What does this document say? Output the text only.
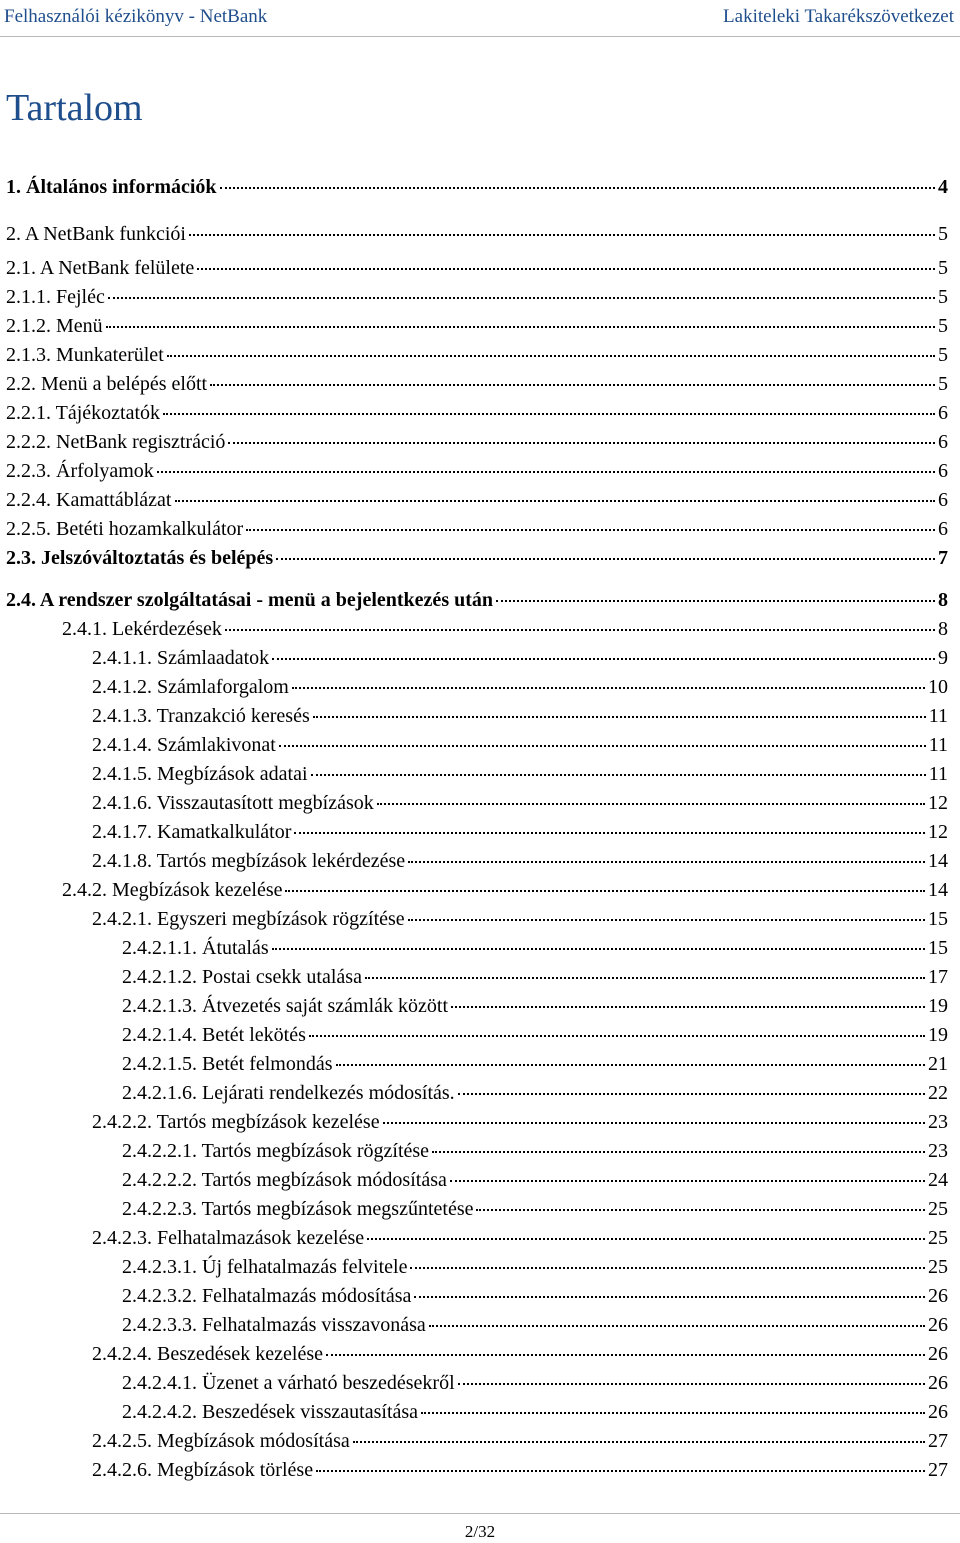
Felhasználói kézikönyv - NetBank	Lakiteleki Takarékszövetkezet
Tartalom
1. Általános információk	4
2. A NetBank funkciói	5
2.1. A NetBank felülete	5
2.1.1. Fejléc	5
2.1.2. Menü	5
2.1.3. Munkaterület	5
2.2. Menü a belépés előtt	5
2.2.1. Tájékoztatók	6
2.2.2. NetBank regisztráció	6
2.2.3. Árfolyamok	6
2.2.4. Kamattáblázat	6
2.2.5. Betéti hozamkalkulátor	6
2.3. Jelszóváltoztatás és belépés	7
2.4. A rendszer szolgáltatásai - menü a bejelentkezés után	8
2.4.1. Lekérdezések	8
2.4.1.1. Számlaadatok	9
2.4.1.2. Számlaforgalom	10
2.4.1.3. Tranzakció keresés	11
2.4.1.4. Számlakivonat	11
2.4.1.5. Megbízások adatai	11
2.4.1.6. Visszautasított megbízások	12
2.4.1.7. Kamatkalkulátor	12
2.4.1.8. Tartós megbízások lekérdezése	14
2.4.2. Megbízások kezelése	14
2.4.2.1. Egyszeri megbízások rögzítése	15
2.4.2.1.1. Átutalás	15
2.4.2.1.2. Postai csekk utalása	17
2.4.2.1.3. Átvezetés saját számlák között	19
2.4.2.1.4. Betét lekötés	19
2.4.2.1.5. Betét felmondás	21
2.4.2.1.6. Lejárati rendelkezés módosítás.	22
2.4.2.2. Tartós megbízások kezelése	23
2.4.2.2.1. Tartós megbízások rögzítése	23
2.4.2.2.2. Tartós megbízások módosítása	24
2.4.2.2.3. Tartós megbízások megszűntetése	25
2.4.2.3. Felhatalmazások kezelése	25
2.4.2.3.1. Új felhatalmazás felvitele	25
2.4.2.3.2. Felhatalmazás módosítása	26
2.4.2.3.3. Felhatalmazás visszavonása	26
2.4.2.4. Beszedések kezelése	26
2.4.2.4.1. Üzenet a várható beszedésekről	26
2.4.2.4.2. Beszedések visszautasítása	26
2.4.2.5. Megbízások módosítása	27
2.4.2.6. Megbízások törlése	27
2/32
